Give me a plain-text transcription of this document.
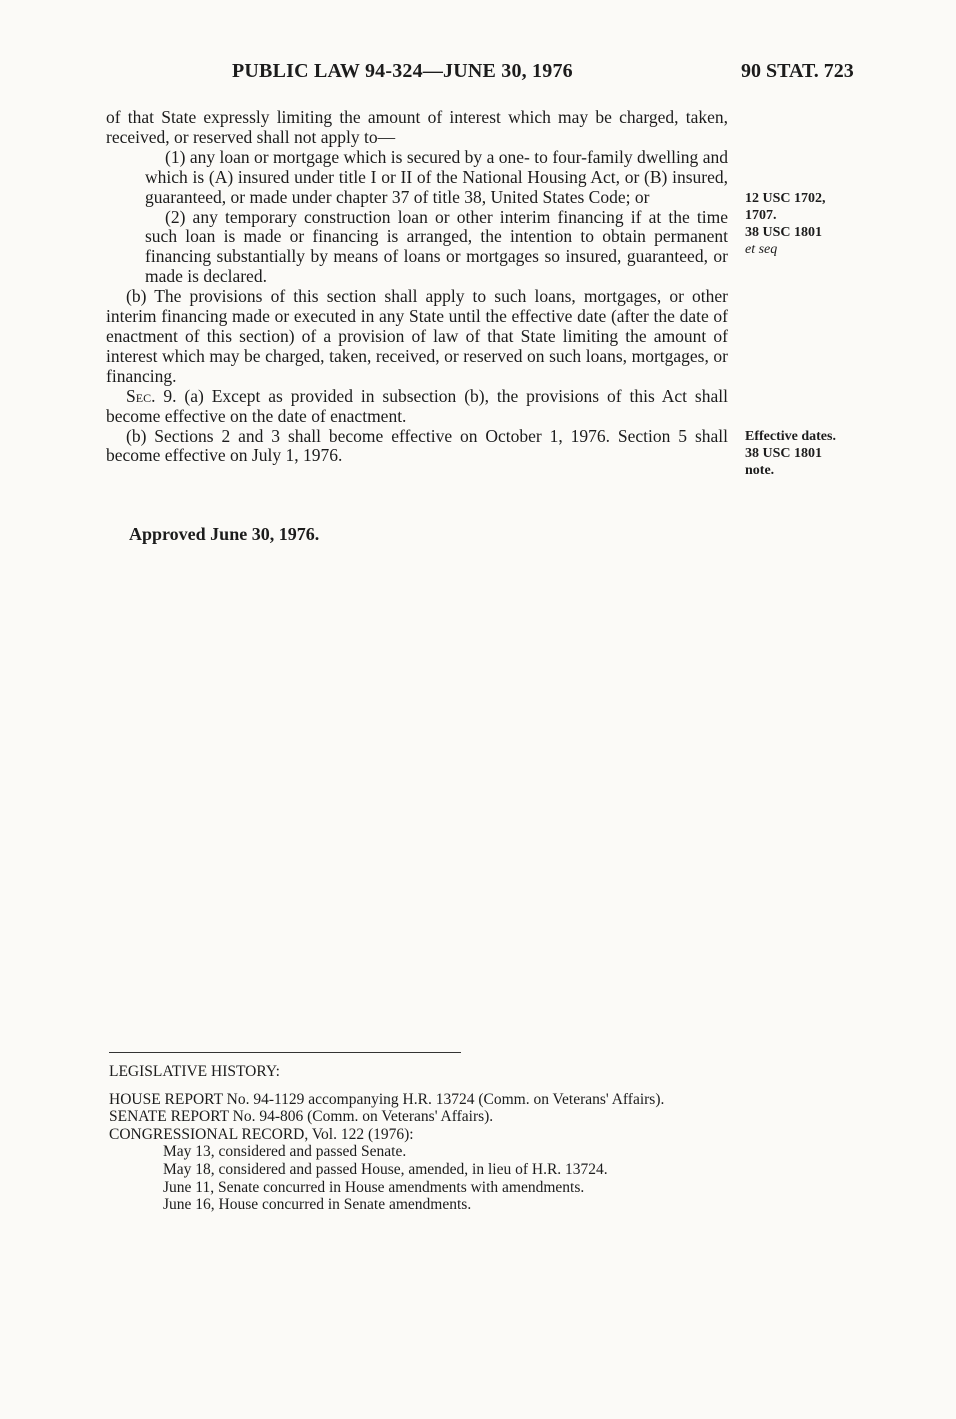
PUBLIC LAW 94-324—JUNE 30, 1976	90 STAT. 723

of that State expressly limiting the amount of interest which may be charged, taken, received, or reserved shall not apply to—

(1) any loan or mortgage which is secured by a one- to four-family dwelling and which is (A) insured under title I or II of the National Housing Act, or (B) insured, guaranteed, or made under chapter 37 of title 38, United States Code; or

(2) any temporary construction loan or other interim financing if at the time such loan is made or financing is arranged, the intention to obtain permanent financing substantially by means of loans or mortgages so insured, guaranteed, or made is declared.

(b) The provisions of this section shall apply to such loans, mortgages, or other interim financing made or executed in any State until the effective date (after the date of enactment of this section) of a provision of law of that State limiting the amount of interest which may be charged, taken, received, or reserved on such loans, mortgages, or financing.

Sec. 9. (a) Except as provided in subsection (b), the provisions of this Act shall become effective on the date of enactment.

(b) Sections 2 and 3 shall become effective on October 1, 1976. Section 5 shall become effective on July 1, 1976.

Approved June 30, 1976.
12 USC 1702,
1707.
38 USC 1801
et seq
Effective dates.
38 USC 1801
note.

LEGISLATIVE HISTORY:

HOUSE REPORT No. 94-1129 accompanying H.R. 13724 (Comm. on Veterans' Affairs).

SENATE REPORT No. 94-806 (Comm. on Veterans' Affairs).

CONGRESSIONAL RECORD, Vol. 122 (1976):

May 13, considered and passed Senate.

May 18, considered and passed House, amended, in lieu of H.R. 13724.

June 11, Senate concurred in House amendments with amendments.

June 16, House concurred in Senate amendments.
